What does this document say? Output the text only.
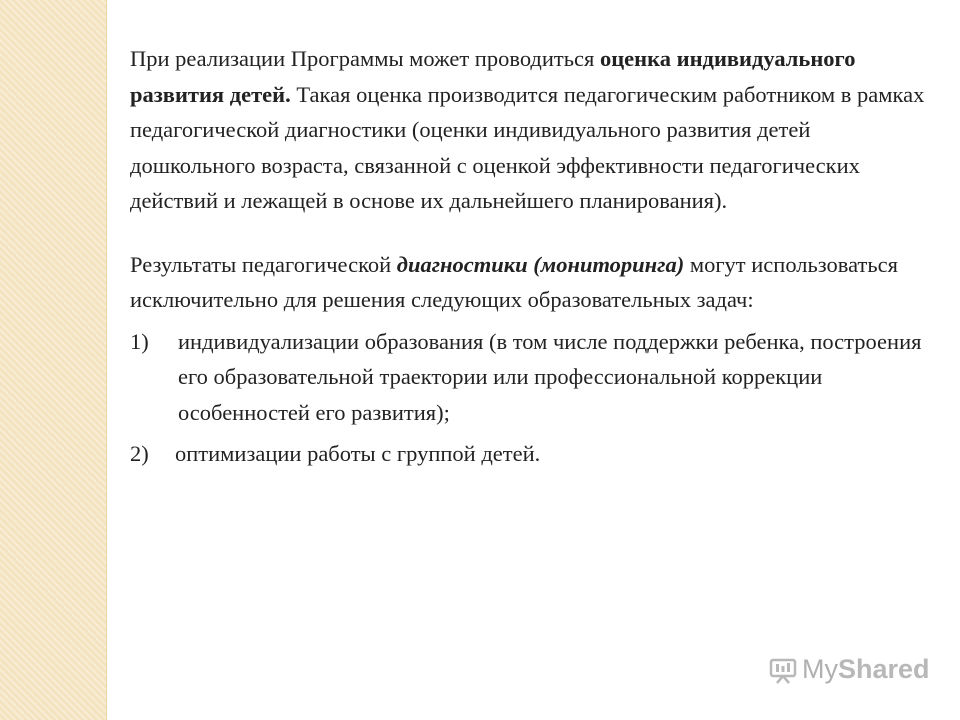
При реализации Программы может проводиться оценка индивидуального развития детей. Такая оценка производится педагогическим работником в рамках педагогической диагностики (оценки индивидуального развития детей дошкольного возраста, связанной с оценкой эффективности педагогических действий и лежащей в основе их дальнейшего планирования).

Результаты педагогической диагностики (мониторинга) могут использоваться исключительно для решения следующих образовательных задач:

1)	индивидуализации образования (в том числе поддержки ребенка, построения его образовательной траектории или профессиональной коррекции особенностей его развития);
2)	оптимизации работы с группой детей.
My Shared
